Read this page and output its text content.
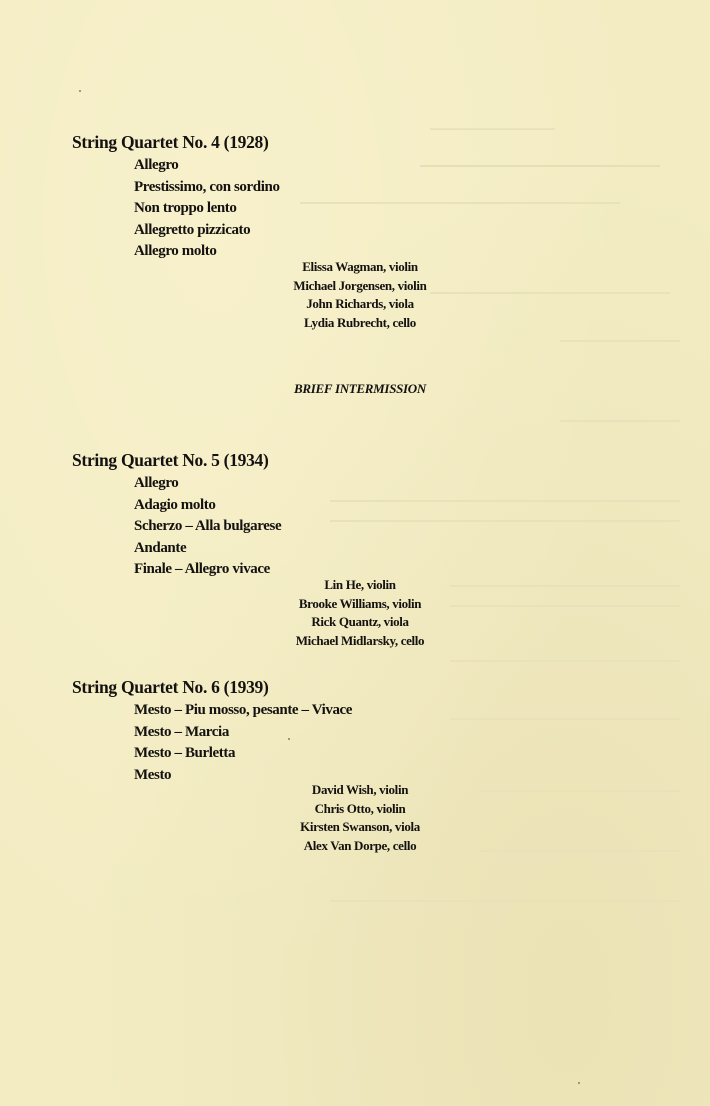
───────────
String Quartet No. 4 (1928)
Allegro
Prestissimo, con sordino
Non troppo lento
Allegretto pizzicato
Allegro molto
Elissa Wagman, violin
Michael Jorgensen, violin
John Richards, viola
Lydia Rubrecht, cello
BRIEF INTERMISSION
String Quartet No. 5 (1934)
Allegro
Adagio molto
Scherzo – Alla bulgarese
Andante
Finale – Allegro vivace
Lin He, violin
Brooke Williams, violin
Rick Quantz, viola
Michael Midlarsky, cello
String Quartet No. 6 (1939)
Mesto – Piu mosso, pesante – Vivace
Mesto – Marcia
Mesto – Burletta
Mesto
David Wish, violin
Chris Otto, violin
Kirsten Swanson, viola
Alex Van Dorpe, cello
